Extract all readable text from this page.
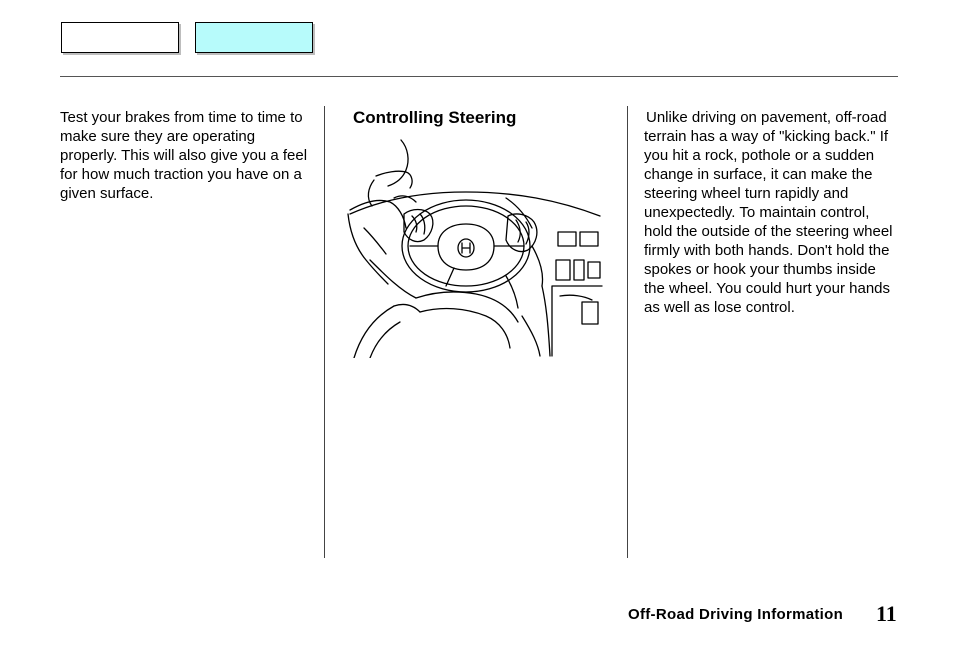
Test your brakes from time to time to make sure they are operating properly. This will also give you a feel for how much traction you have on a given surface.

Controlling Steering	Unlike driving on pavement, off-road terrain has a way of "kicking back." If you hit a rock, pothole or a sudden change in surface, it can make the steering wheel turn rapidly and unexpectedly. To maintain control, hold the outside of the steering wheel firmly with both hands. Don't hold the spokes or hook your thumbs inside the wheel. You could hurt your hands as well as lose control.

Off-Road Driving Information 11
